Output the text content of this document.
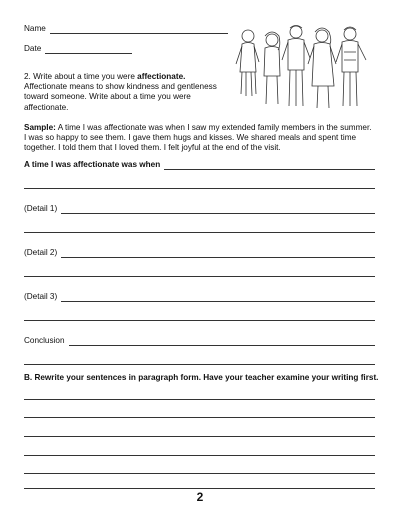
Name
Date
2. Write about a time you were affectionate.
Affectionate means to show kindness and gentleness toward someone. Write about a time you were affectionate.
Sample: A time I was affectionate was when I saw my extended family members in the summer. I was so happy to see them. I gave them hugs and kisses. We shared meals and spent time together. I told them that I loved them. I felt joyful at the end of the visit.
A time I was affectionate was when
(Detail 1)
(Detail 2)
(Detail 3)
Conclusion
B. Rewrite your sentences in paragraph form. Have your teacher examine your writing first.
2
